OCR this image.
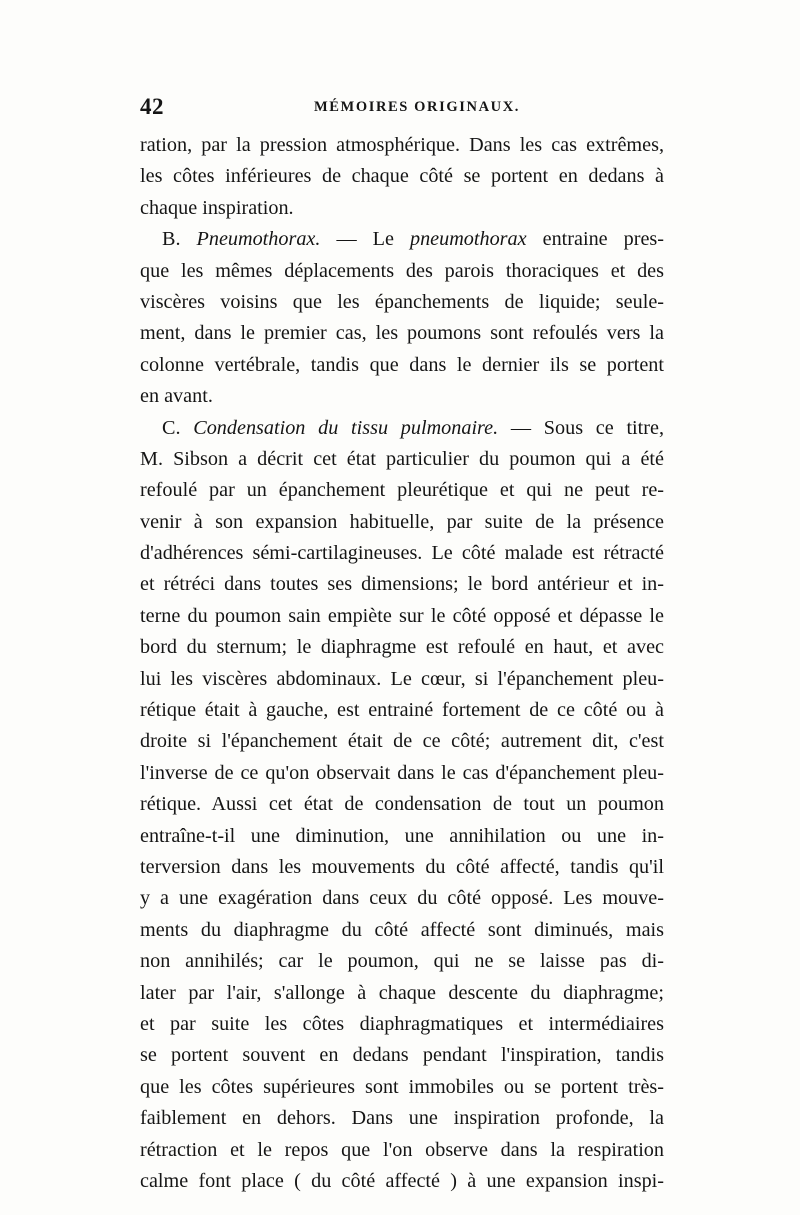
42	MÉMOIRES ORIGINAUX.
ration, par la pression atmosphérique. Dans les cas extrêmes,
les côtes inférieures de chaque côté se portent en dedans à
chaque inspiration.
B. Pneumothorax. — Le pneumothorax entraine pres-
que les mêmes déplacements des parois thoraciques et des
viscères voisins que les épanchements de liquide; seule-
ment, dans le premier cas, les poumons sont refoulés vers la
colonne vertébrale, tandis que dans le dernier ils se portent
en avant.
C. Condensation du tissu pulmonaire. — Sous ce titre,
M. Sibson a décrit cet état particulier du poumon qui a été
refoulé par un épanchement pleurétique et qui ne peut re-
venir à son expansion habituelle, par suite de la présence
d'adhérences sémi-cartilagineuses. Le côté malade est rétracté
et rétréci dans toutes ses dimensions; le bord antérieur et in-
terne du poumon sain empiète sur le côté opposé et dépasse le
bord du sternum; le diaphragme est refoulé en haut, et avec
lui les viscères abdominaux. Le cœur, si l'épanchement pleu-
rétique était à gauche, est entrainé fortement de ce côté ou à
droite si l'épanchement était de ce côté; autrement dit, c'est
l'inverse de ce qu'on observait dans le cas d'épanchement pleu-
rétique. Aussi cet état de condensation de tout un poumon
entraîne-t-il une diminution, une annihilation ou une in-
terversion dans les mouvements du côté affecté, tandis qu'il
y a une exagération dans ceux du côté opposé. Les mouve-
ments du diaphragme du côté affecté sont diminués, mais
non annihilés; car le poumon, qui ne se laisse pas di-
later par l'air, s'allonge à chaque descente du diaphragme;
et par suite les côtes diaphragmatiques et intermédiaires
se portent souvent en dedans pendant l'inspiration, tandis
que les côtes supérieures sont immobiles ou se portent très-
faiblement en dehors. Dans une inspiration profonde, la
rétraction et le repos que l'on observe dans la respiration
calme font place ( du côté affecté ) à une expansion inspi-
